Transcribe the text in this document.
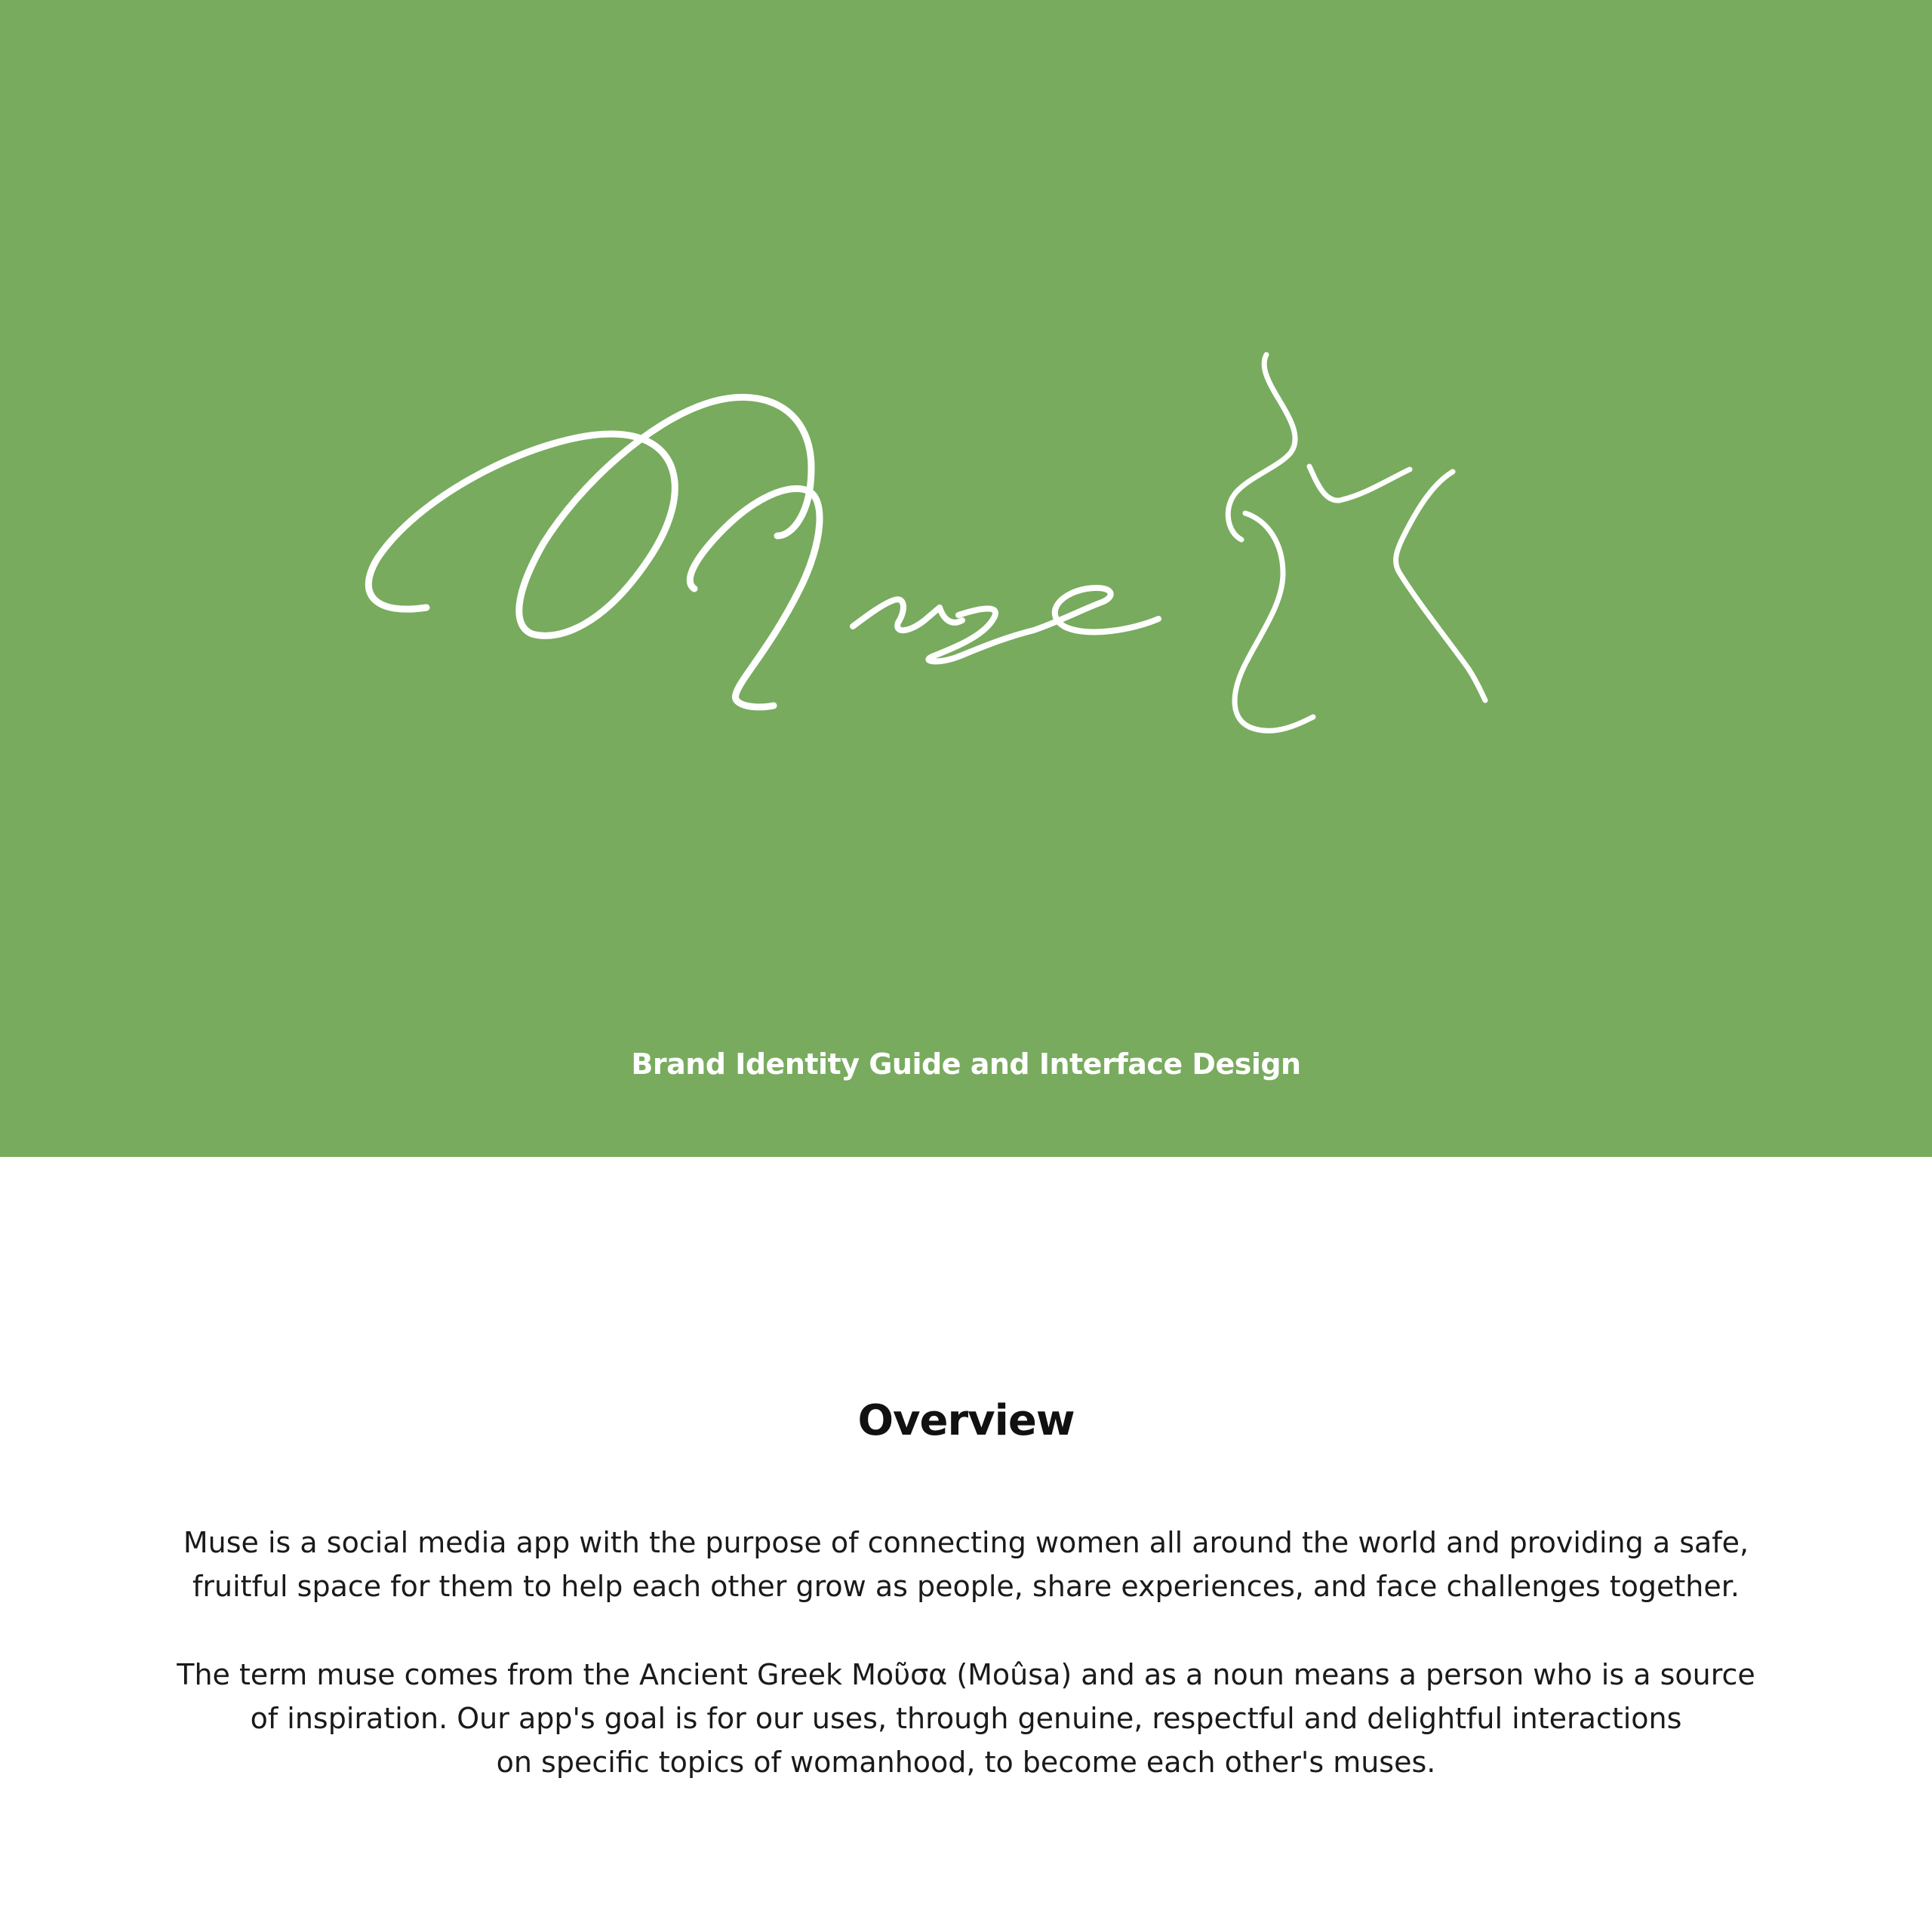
Brand Identity Guide and Interface Design
Overview

Muse is a social media app with the purpose of connecting women all around the world and providing a safe,
fruitful space for them to help each other grow as people, share experiences, and face challenges together.

The term muse comes from the Ancient Greek Μοῦσα (Moûsa) and as a noun means a person who is a source
of inspiration. Our app's goal is for our uses, through genuine, respectful and delightful interactions
on specific topics of womanhood, to become each other's muses.
